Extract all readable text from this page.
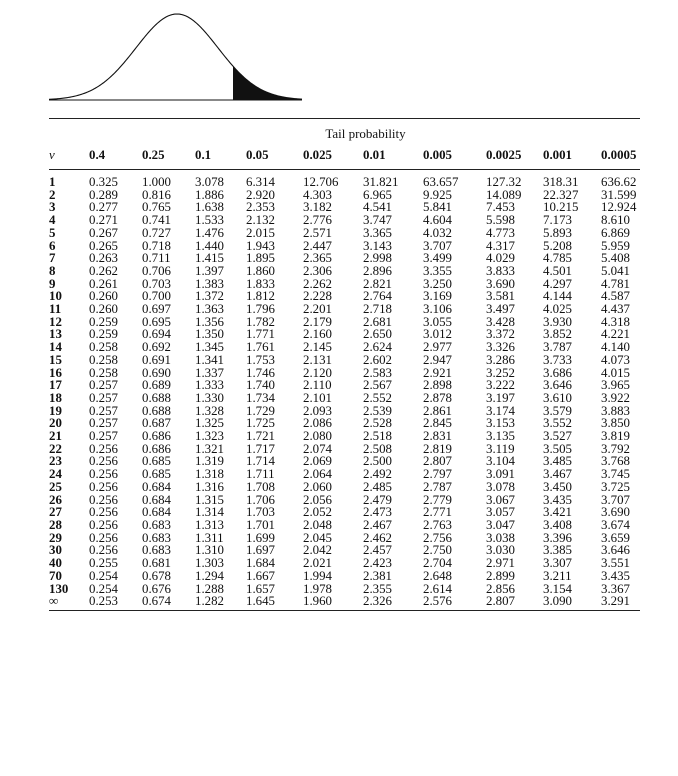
Tail probability										
ν	0.4	0.25	0.1	0.05	0.025	0.01	0.005	0.0025	0.001	0.0005

1	0.325	1.000	3.078	6.314	12.706	31.821	63.657	127.32	318.31	636.62
2	0.289	0.816	1.886	2.920	4.303	6.965	9.925	14.089	22.327	31.599
3	0.277	0.765	1.638	2.353	3.182	4.541	5.841	7.453	10.215	12.924
4	0.271	0.741	1.533	2.132	2.776	3.747	4.604	5.598	7.173	8.610
5	0.267	0.727	1.476	2.015	2.571	3.365	4.032	4.773	5.893	6.869
6	0.265	0.718	1.440	1.943	2.447	3.143	3.707	4.317	5.208	5.959
7	0.263	0.711	1.415	1.895	2.365	2.998	3.499	4.029	4.785	5.408
8	0.262	0.706	1.397	1.860	2.306	2.896	3.355	3.833	4.501	5.041
9	0.261	0.703	1.383	1.833	2.262	2.821	3.250	3.690	4.297	4.781
10	0.260	0.700	1.372	1.812	2.228	2.764	3.169	3.581	4.144	4.587
11	0.260	0.697	1.363	1.796	2.201	2.718	3.106	3.497	4.025	4.437
12	0.259	0.695	1.356	1.782	2.179	2.681	3.055	3.428	3.930	4.318
13	0.259	0.694	1.350	1.771	2.160	2.650	3.012	3.372	3.852	4.221
14	0.258	0.692	1.345	1.761	2.145	2.624	2.977	3.326	3.787	4.140
15	0.258	0.691	1.341	1.753	2.131	2.602	2.947	3.286	3.733	4.073
16	0.258	0.690	1.337	1.746	2.120	2.583	2.921	3.252	3.686	4.015
17	0.257	0.689	1.333	1.740	2.110	2.567	2.898	3.222	3.646	3.965
18	0.257	0.688	1.330	1.734	2.101	2.552	2.878	3.197	3.610	3.922
19	0.257	0.688	1.328	1.729	2.093	2.539	2.861	3.174	3.579	3.883
20	0.257	0.687	1.325	1.725	2.086	2.528	2.845	3.153	3.552	3.850
21	0.257	0.686	1.323	1.721	2.080	2.518	2.831	3.135	3.527	3.819
22	0.256	0.686	1.321	1.717	2.074	2.508	2.819	3.119	3.505	3.792
23	0.256	0.685	1.319	1.714	2.069	2.500	2.807	3.104	3.485	3.768
24	0.256	0.685	1.318	1.711	2.064	2.492	2.797	3.091	3.467	3.745
25	0.256	0.684	1.316	1.708	2.060	2.485	2.787	3.078	3.450	3.725
26	0.256	0.684	1.315	1.706	2.056	2.479	2.779	3.067	3.435	3.707
27	0.256	0.684	1.314	1.703	2.052	2.473	2.771	3.057	3.421	3.690
28	0.256	0.683	1.313	1.701	2.048	2.467	2.763	3.047	3.408	3.674
29	0.256	0.683	1.311	1.699	2.045	2.462	2.756	3.038	3.396	3.659
30	0.256	0.683	1.310	1.697	2.042	2.457	2.750	3.030	3.385	3.646
40	0.255	0.681	1.303	1.684	2.021	2.423	2.704	2.971	3.307	3.551
70	0.254	0.678	1.294	1.667	1.994	2.381	2.648	2.899	3.211	3.435
130	0.254	0.676	1.288	1.657	1.978	2.355	2.614	2.856	3.154	3.367
∞	0.253	0.674	1.282	1.645	1.960	2.326	2.576	2.807	3.090	3.291
